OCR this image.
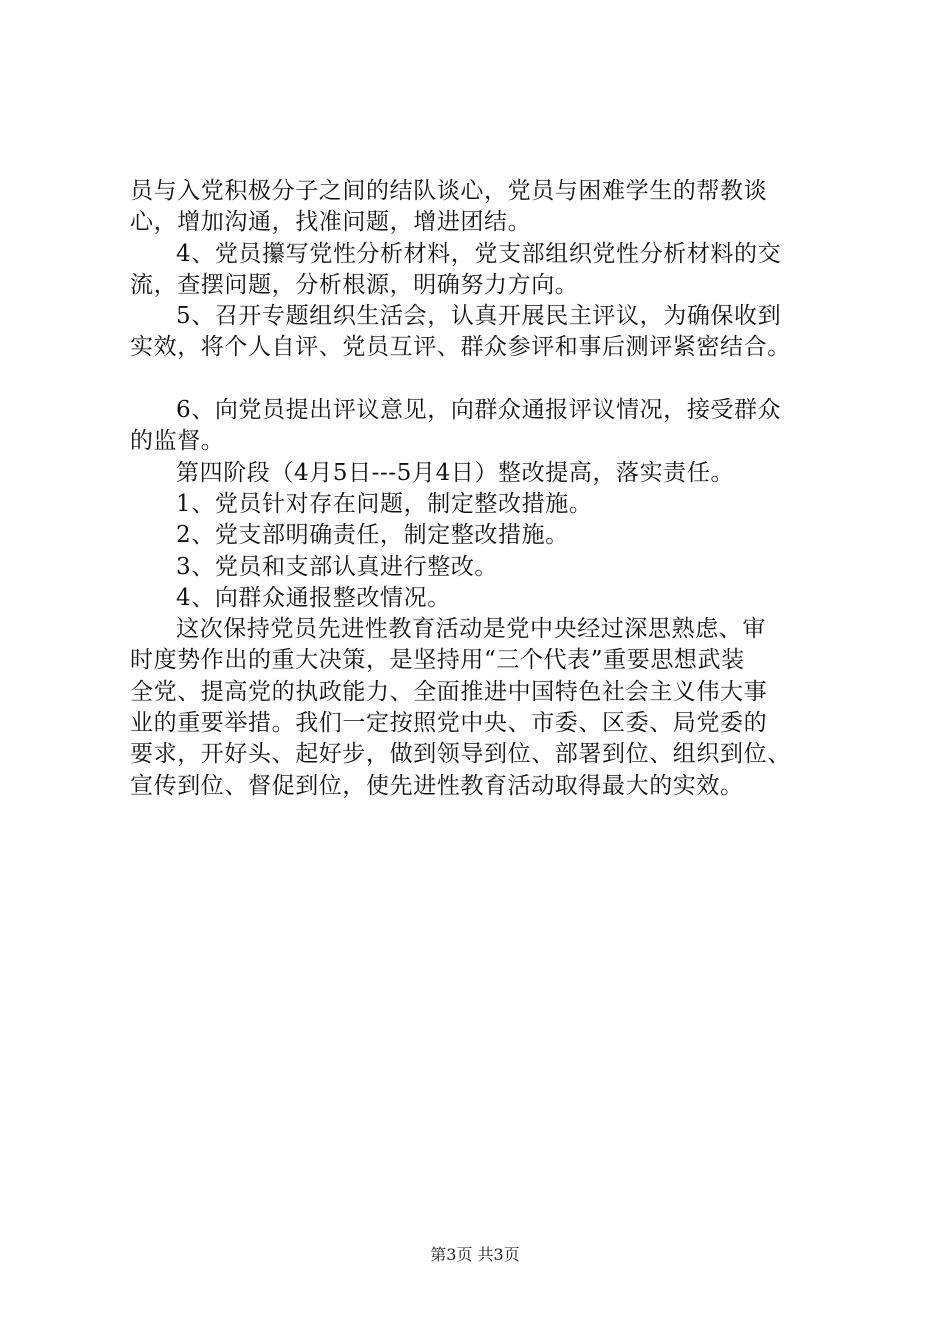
员与入党积极分子之间的结队谈心，党员与困难学生的帮教谈
心，增加沟通，找准问题，增进团结。
4、党员攥写党性分析材料，党支部组织党性分析材料的交
流，查摆问题，分析根源，明确努力方向。
5、召开专题组织生活会，认真开展民主评议，为确保收到
实效，将个人自评、党员互评、群众参评和事后测评紧密结合。
6、向党员提出评议意见，向群众通报评议情况，接受群众
的监督。
第四阶段（4月5日---5月4日）整改提高，落实责任。
1、党员针对存在问题，制定整改措施。
2、党支部明确责任，制定整改措施。
3、党员和支部认真进行整改。
4、向群众通报整改情况。
这次保持党员先进性教育活动是党中央经过深思熟虑、审
时度势作出的重大决策，是坚持用“三个代表”重要思想武装
全党、提高党的执政能力、全面推进中国特色社会主义伟大事
业的重要举措。我们一定按照党中央、市委、区委、局党委的
要求，开好头、起好步，做到领导到位、部署到位、组织到位、
宣传到位、督促到位，使先进性教育活动取得最大的实效。
第3页 共3页
